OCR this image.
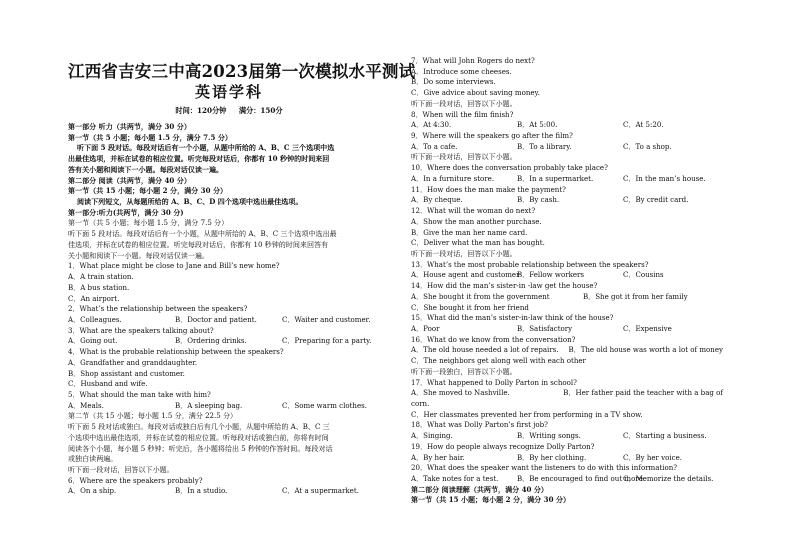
江西省吉安三中高2023届第一次模拟水平测试
英语学科
时间：120分钟 满分：150分
第一部分 听力（共两节，满分 30 分）
第一节（共 5 小题；每小题 1.5 分，满分 7.5 分）
听下面 5 段对话。每段对话后有一个小题，从题中所给的 A、B、C 三个选项中选
出最佳选项，并标在试卷的相应位置。听完每段对话后，你都有 10 秒钟的时间来回
答有关小题和阅读下一小题。每段对话仅读一遍。
第二部分 阅读（共两节，满分 40 分）
第一节（共 15 小题；每小题 2 分，满分 30 分）
阅读下列短文，从每题所给的 A、B、C、D 四个选项中选出最佳选项。
第一部分:听力(共两节，满分 30 分)
第一节（共 5 小题；每小题 1.5 分，满分 7.5 分）
听下面 5 段对话。每段对话后有一个小题，从题中所给的 A、B、C 三个选项中选出最
佳选项，并标在试卷的相应位置。听完每段对话后，你都有 10 秒钟的时间来回答有
关小题和阅读下一小题。每段对话仅读一遍。
1．What place might be close to Jane and Bill’s new home?
A．A train station.
B．A bus station.
C．An airport.
2．What’s the relationship between the speakers?
A．Colleagues.	B．Doctor and patient.	C．Waiter and customer.
3．What are the speakers talking about?
A．Going out.	B．Ordering drinks.	C．Preparing for a party.
4．What is the probable relationship between the speakers?
A．Grandfather and granddaughter.
B．Shop assistant and customer.
C．Husband and wife.
5．What should the man take with him?
A．Meals.	B．A sleeping bag.	C．Some warm clothes.
第二节（共 15 小题；每小题 1.5 分，满分 22.5 分）
听下面 5 段对话或独白。每段对话或独白后有几个小题，从题中所给的 A、B、C 三
个选项中选出最佳选项，并标在试卷的相应位置。听每段对话或独白前，你将有时间
阅读各个小题，每小题 5 秒钟；听完后，各小题将给出 5 秒钟的作答时间。每段对话
或独白读两遍。
听下面一段对话，回答以下小题。
6．Where are the speakers probably?
A．On a ship.	B．In a studio.	C．At a supermarket.
7．What will John Rogers do next?
A．Introduce some cheeses.
B．Do some interviews.
C．Give advice about saving money.
听下面一段对话，回答以下小题。
8．When will the film finish?
A．At 4:30.	B．At 5:00.	C．At 5:20.
9．Where will the speakers go after the film?
A．To a cafe.	B．To a library.	C．To a shop.
听下面一段对话，回答以下小题。
10．Where does the conversation probably take place?
A．In a furniture store.	B．In a supermarket.	C．In the man’s house.
11．How does the man make the payment?
A．By cheque.	B．By cash.	C．By credit card.
12．What will the woman do next?
A．Show the man another purchase.
B．Give the man her name card.
C．Deliver what the man has bought.
听下面一段对话，回答以下小题。
13．What’s the most probable relationship between the speakers?
A．House agent and customer
B．Fellow workers	C．Cousins
14．How did the man’s sister-in -law get the house?
A．She bought it from the government	B．She got it from her family
C．She bought it from her friend
15．What did the man’s sister-in-law think of the house?
A．Poor	B．Satisfactory	C．Expensive
16．What do we know from the conversation?
A．The old house needed a lot of repairs.	B．The old house was worth a lot of money
C．The neighbors get along well with each other
听下面一段独白，回答以下小题。
17．What happened to Dolly Parton in school?
A．She moved to Nashville.	B．Her father paid the teacher with a bag of
corn.
C．Her classmates prevented her from performing in a TV show.
18．What was Dolly Parton’s first job?
A．Singing.	B．Writing songs.	C．Starting a business.
19．How do people always recognize Dolly Parton?
A．By her hair.	B．By her clothing.	C．By her voice.
20．What does the speaker want the listeners to do with this information?
A．Take notes for a test.	B．Be encouraged to find out more.
C．Memorize the details.
第二部分 阅读理解（共两节，满分 40 分）
第一节（共 15 小题；每小题 2 分，满分 30 分）
